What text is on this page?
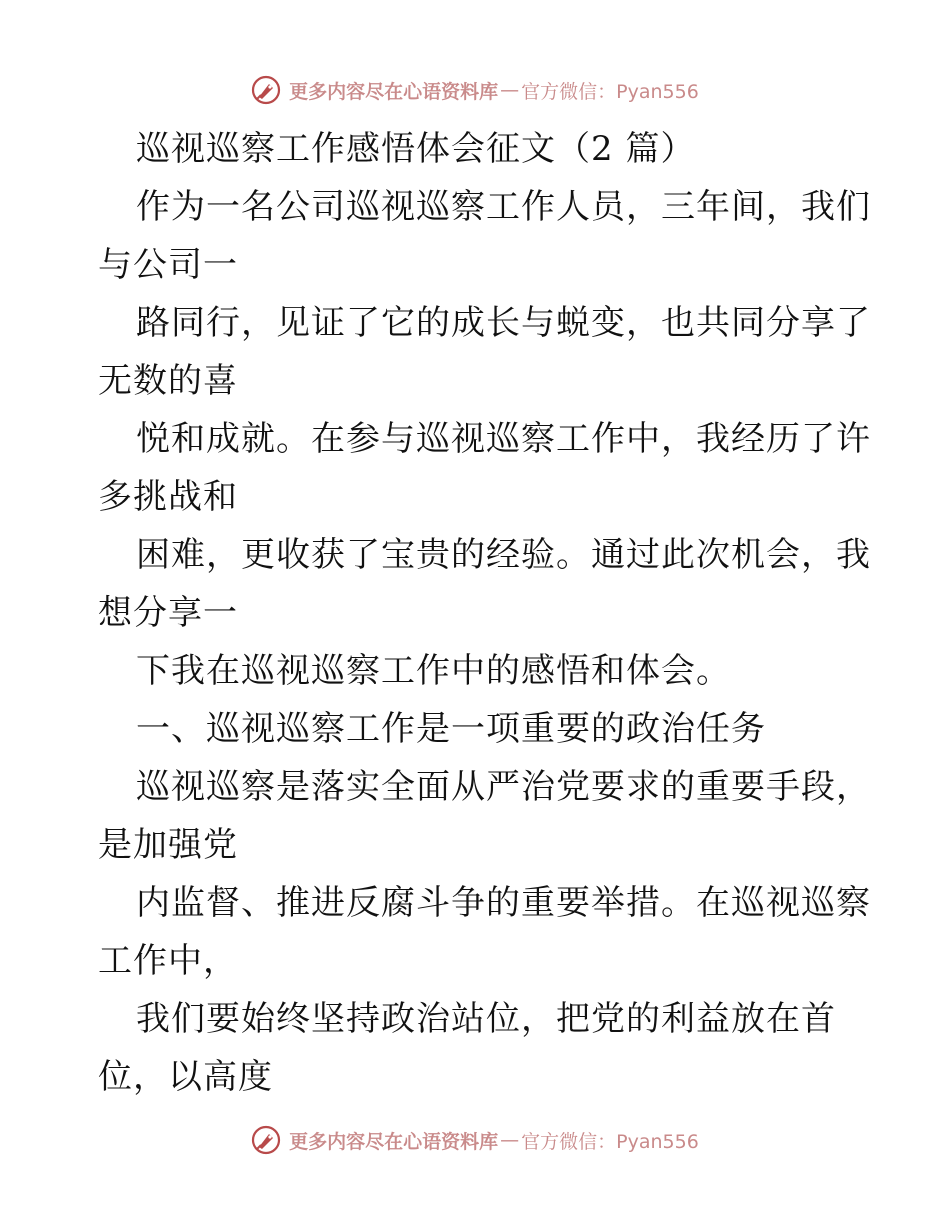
更多内容尽在心语资料库 — 官方微信：Pyan556
巡视巡察工作感悟体会征文（2 篇）
作为一名公司巡视巡察工作人员，三年间，我们
与公司一
路同行，见证了它的成长与蜕变，也共同分享了
无数的喜
悦和成就。在参与巡视巡察工作中，我经历了许
多挑战和
困难，更收获了宝贵的经验。通过此次机会，我
想分享一
下我在巡视巡察工作中的感悟和体会。
一、巡视巡察工作是一项重要的政治任务
巡视巡察是落实全面从严治党要求的重要手段，
是加强党
内监督、推进反腐斗争的重要举措。在巡视巡察
工作中，
我们要始终坚持政治站位，把党的利益放在首
位，以高度
更多内容尽在心语资料库 — 官方微信：Pyan556
